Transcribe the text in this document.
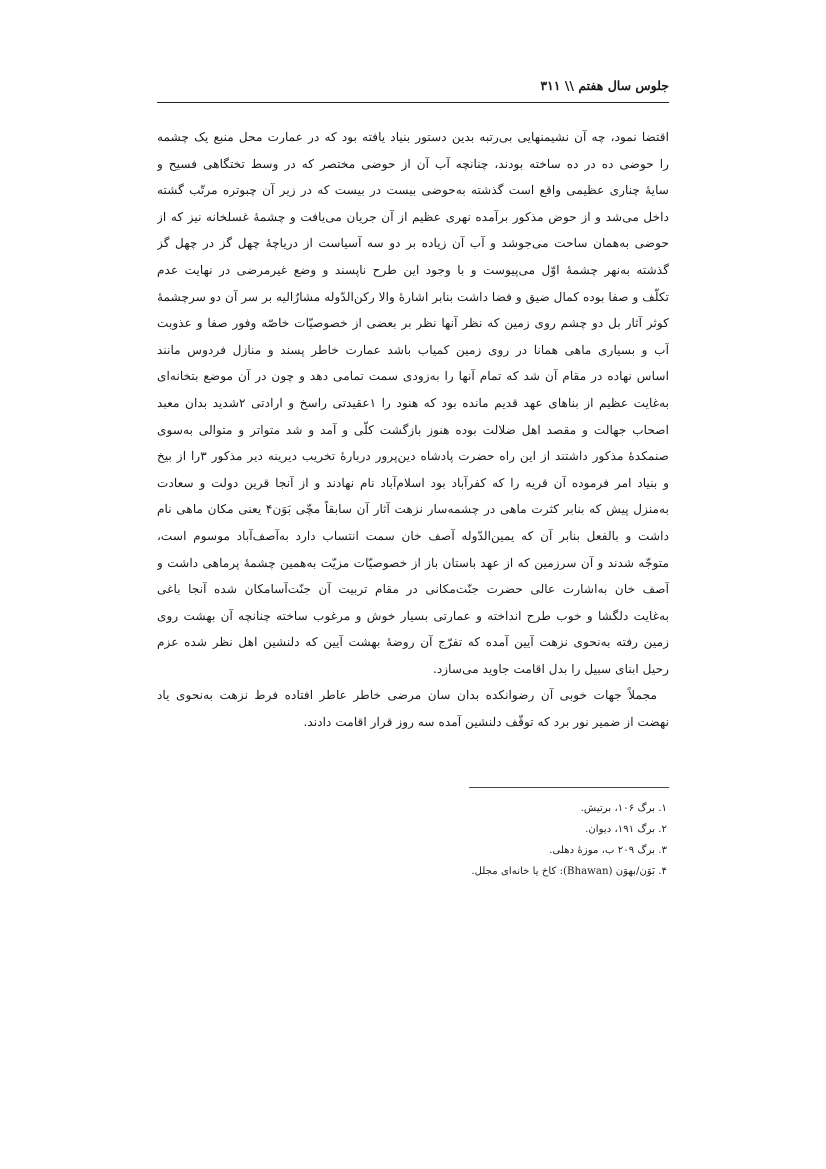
جلوس سال هفتم \\ ۳۱۱
اقتضا نمود، چه آن نشیمنهایی بی‌رتبه بدین دستور بنیاد یافته بود که در عمارت محل منبع یک چشمه
را حوضی ده در ده ساخته بودند، چنانچه آب آن از حوضی مختصر که در وسط تختگاهی فسیح و
سایهٔ چناری عظیمی واقع است گذشته به‌حوضی بیست در بیست که در زیر آن چبوتره مرتّب گشته
داخل می‌شد و از حوض مذکور برآمده نهری عظیم از آن جریان می‌یافت و چشمهٔ غسلخانه نیز که از
حوضی به‌همان ساحت می‌جوشد و آب آن زیاده بر دو سه آسیاست از دریاچهٔ چهل گز در چهل گز
گذشته به‌نهر چشمهٔ اوّل می‌پیوست و با وجود این طرح ناپسند و وضع غیرمرضی در نهایت عدم
تکلّف و صفا بوده کمال ضیق و فضا داشت بنابر اشارهٔ والا رکن‌الدّوله مشارٌالیه بر سر آن دو سرچشمهٔ
کوثر آثار بل دو چشم روی زمین که نظر آنها نظر بر بعضی از خصوصیّات خاصّه وفور صفا و عذوبت
آب و بسیاری ماهی همانا در روی زمین کمیاب باشد عمارت خاطر پسند و منازل فردوس مانند
اساس نهاده در مقام آن شد که تمام آنها را به‌زودی سمت تمامی دهد و چون در آن موضع بتخانه‌ای
به‌غایت عظیم از بناهای عهد قدیم مانده بود که هنود را ۱عقیدتی راسخ و ارادتی ۲شدید بدان معبد
اصحاب جهالت و مقصد اهل ضلالت بوده هنوز بازگشت کلّی و آمد و شد متواتر و متوالی به‌سوی
صنمکدهٔ مذکور داشتند از این راه حضرت پادشاه دین‌پرور دربارهٔ تخریب دیرینه دیر مذکور ۳را از بیخ
و بنیاد امر فرموده آن قریه را که کفرآباد بود اسلام‌آباد نام نهادند و از آنجا قرین دولت و سعادت
به‌منزل پیش که بنابر کثرت ماهی در چشمه‌سار نزهت آثار آن سابقاً مچّی بَوَن۴ یعنی مکان ماهی نام
داشت و بالفعل بنابر آن که یمین‌الدّوله آصف خان سمت انتساب دارد به‌آصف‌آباد موسوم است،
متوجّه شدند و آن سرزمین که از عهد باستان باز از خصوصیّات مزیّت به‌همین چشمهٔ پرماهی داشت و
آصف خان به‌اشارت عالی حضرت جنّت‌مکانی در مقام تربیت آن جنّت‌آسامکان شده آنجا باغی
به‌غایت دلگشا و خوب طرح انداخته و عمارتی بسیار خوش و مرغوب ساخته چنانچه آن بهشت روی
زمین رفته به‌نحوی نزهت آیین آمده که تفرّج آن روضهٔ بهشت آیین که دلنشین اهل نظر شده عزم
رحیل ابنای سبیل را بدل اقامت جاوید می‌سازد.
مجملاً جهات خوبی آن رضوانکده بدان سان مرضی خاطر عاطر افتاده فرط نزهت به‌نحوی یاد
نهضت از ضمیر نور برد که توقّف دلنشین آمده سه روز قرار اقامت دادند.
۱. برگ ۱۰۶، برتیش.
۲. برگ ۱۹۱، دیوان.
۳. برگ ۲۰۹ ب، موزهٔ دهلی.
۴. بَوَن/بهوَن (Bhawan): کاخ یا خانه‌ای مجلل.
